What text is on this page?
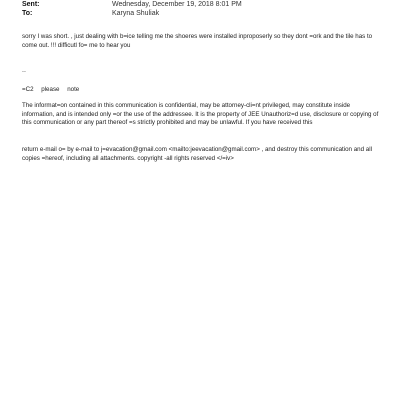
Sent:	Wednesday, December 19, 2018 8:01 PM
To:	Karyna Shuliak
sorry I was short. , just dealing with b=ice telling me the shoeres were installed inproposerly so they dont =ork and the tile has to come out. !!! difficutl fo= me to hear you
..
=C2 please note
The informat=on contained in this communication is confidential, may be attorney-cli=nt privileged, may constitute inside information, and is intended only =or the use of the addressee. It is the property of JEE Unauthoriz=d use, disclosure or copying of this communication or any part thereof =s strictly prohibited and may be unlawful. If you have received this
return e-mail o= by e-mail to j=evacation@gmail.com <mailto:jeevacation@gmail.com> , and destroy this communication and all copies =hereof, including all attachments. copyright -all rights reserved </=iv>
